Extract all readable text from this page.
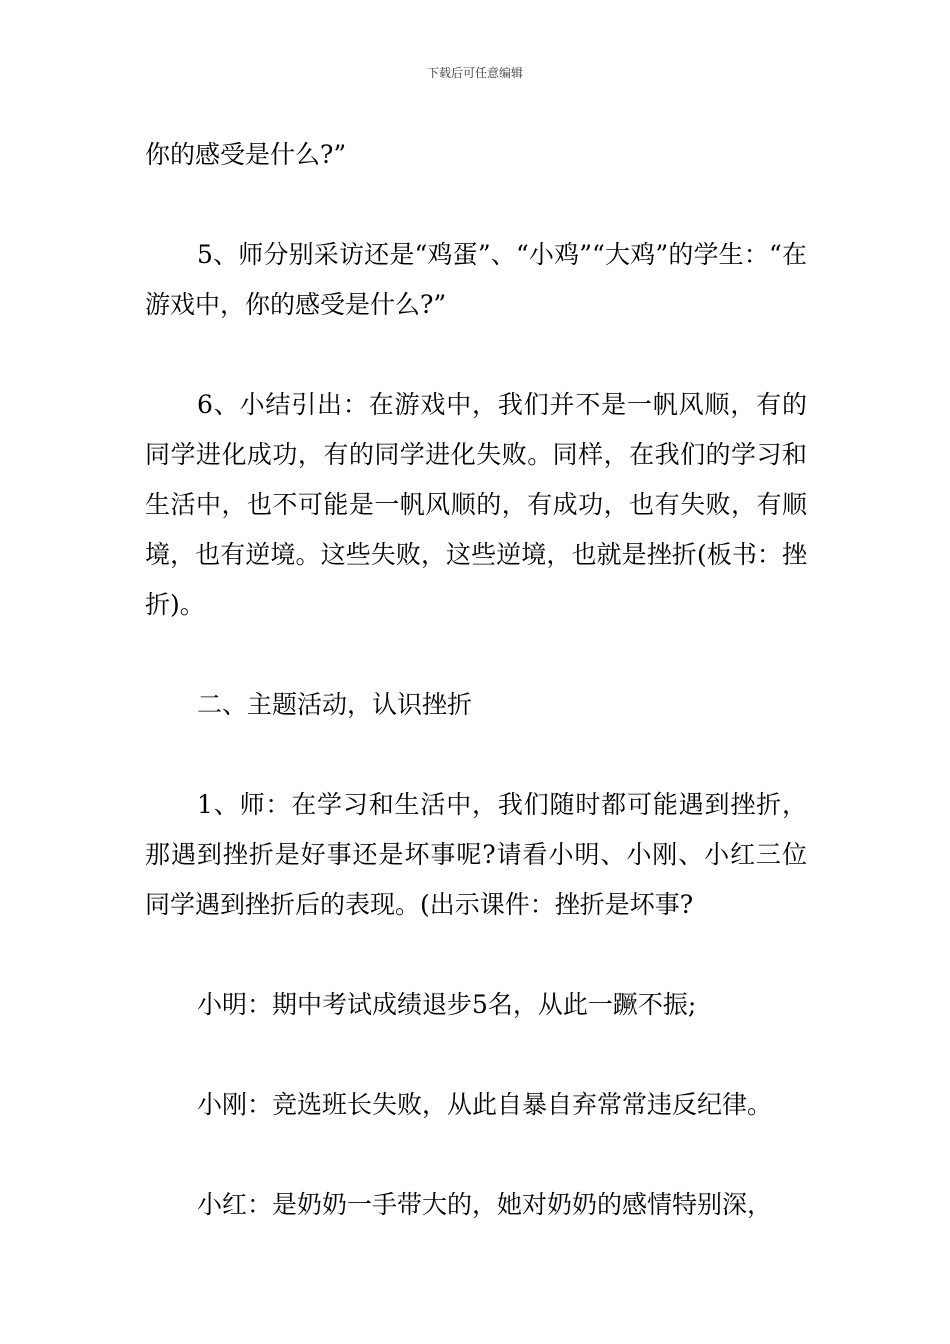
下载后可任意编辑

你的感受是什么?”

5、师分别采访还是“鸡蛋”、“小鸡”“大鸡”的学生：“在游戏中，你的感受是什么?”

6、小结引出：在游戏中，我们并不是一帆风顺，有的同学进化成功，有的同学进化失败。同样，在我们的学习和生活中，也不可能是一帆风顺的，有成功，也有失败，有顺境，也有逆境。这些失败，这些逆境，也就是挫折(板书：挫折)。

二、主题活动，认识挫折

1、师：在学习和生活中，我们随时都可能遇到挫折，那遇到挫折是好事还是坏事呢?请看小明、小刚、小红三位同学遇到挫折后的表现。(出示课件：挫折是坏事?

小明：期中考试成绩退步5名，从此一蹶不振;

小刚：竞选班长失败，从此自暴自弃常常违反纪律。

小红：是奶奶一手带大的，她对奶奶的感情特别深，
